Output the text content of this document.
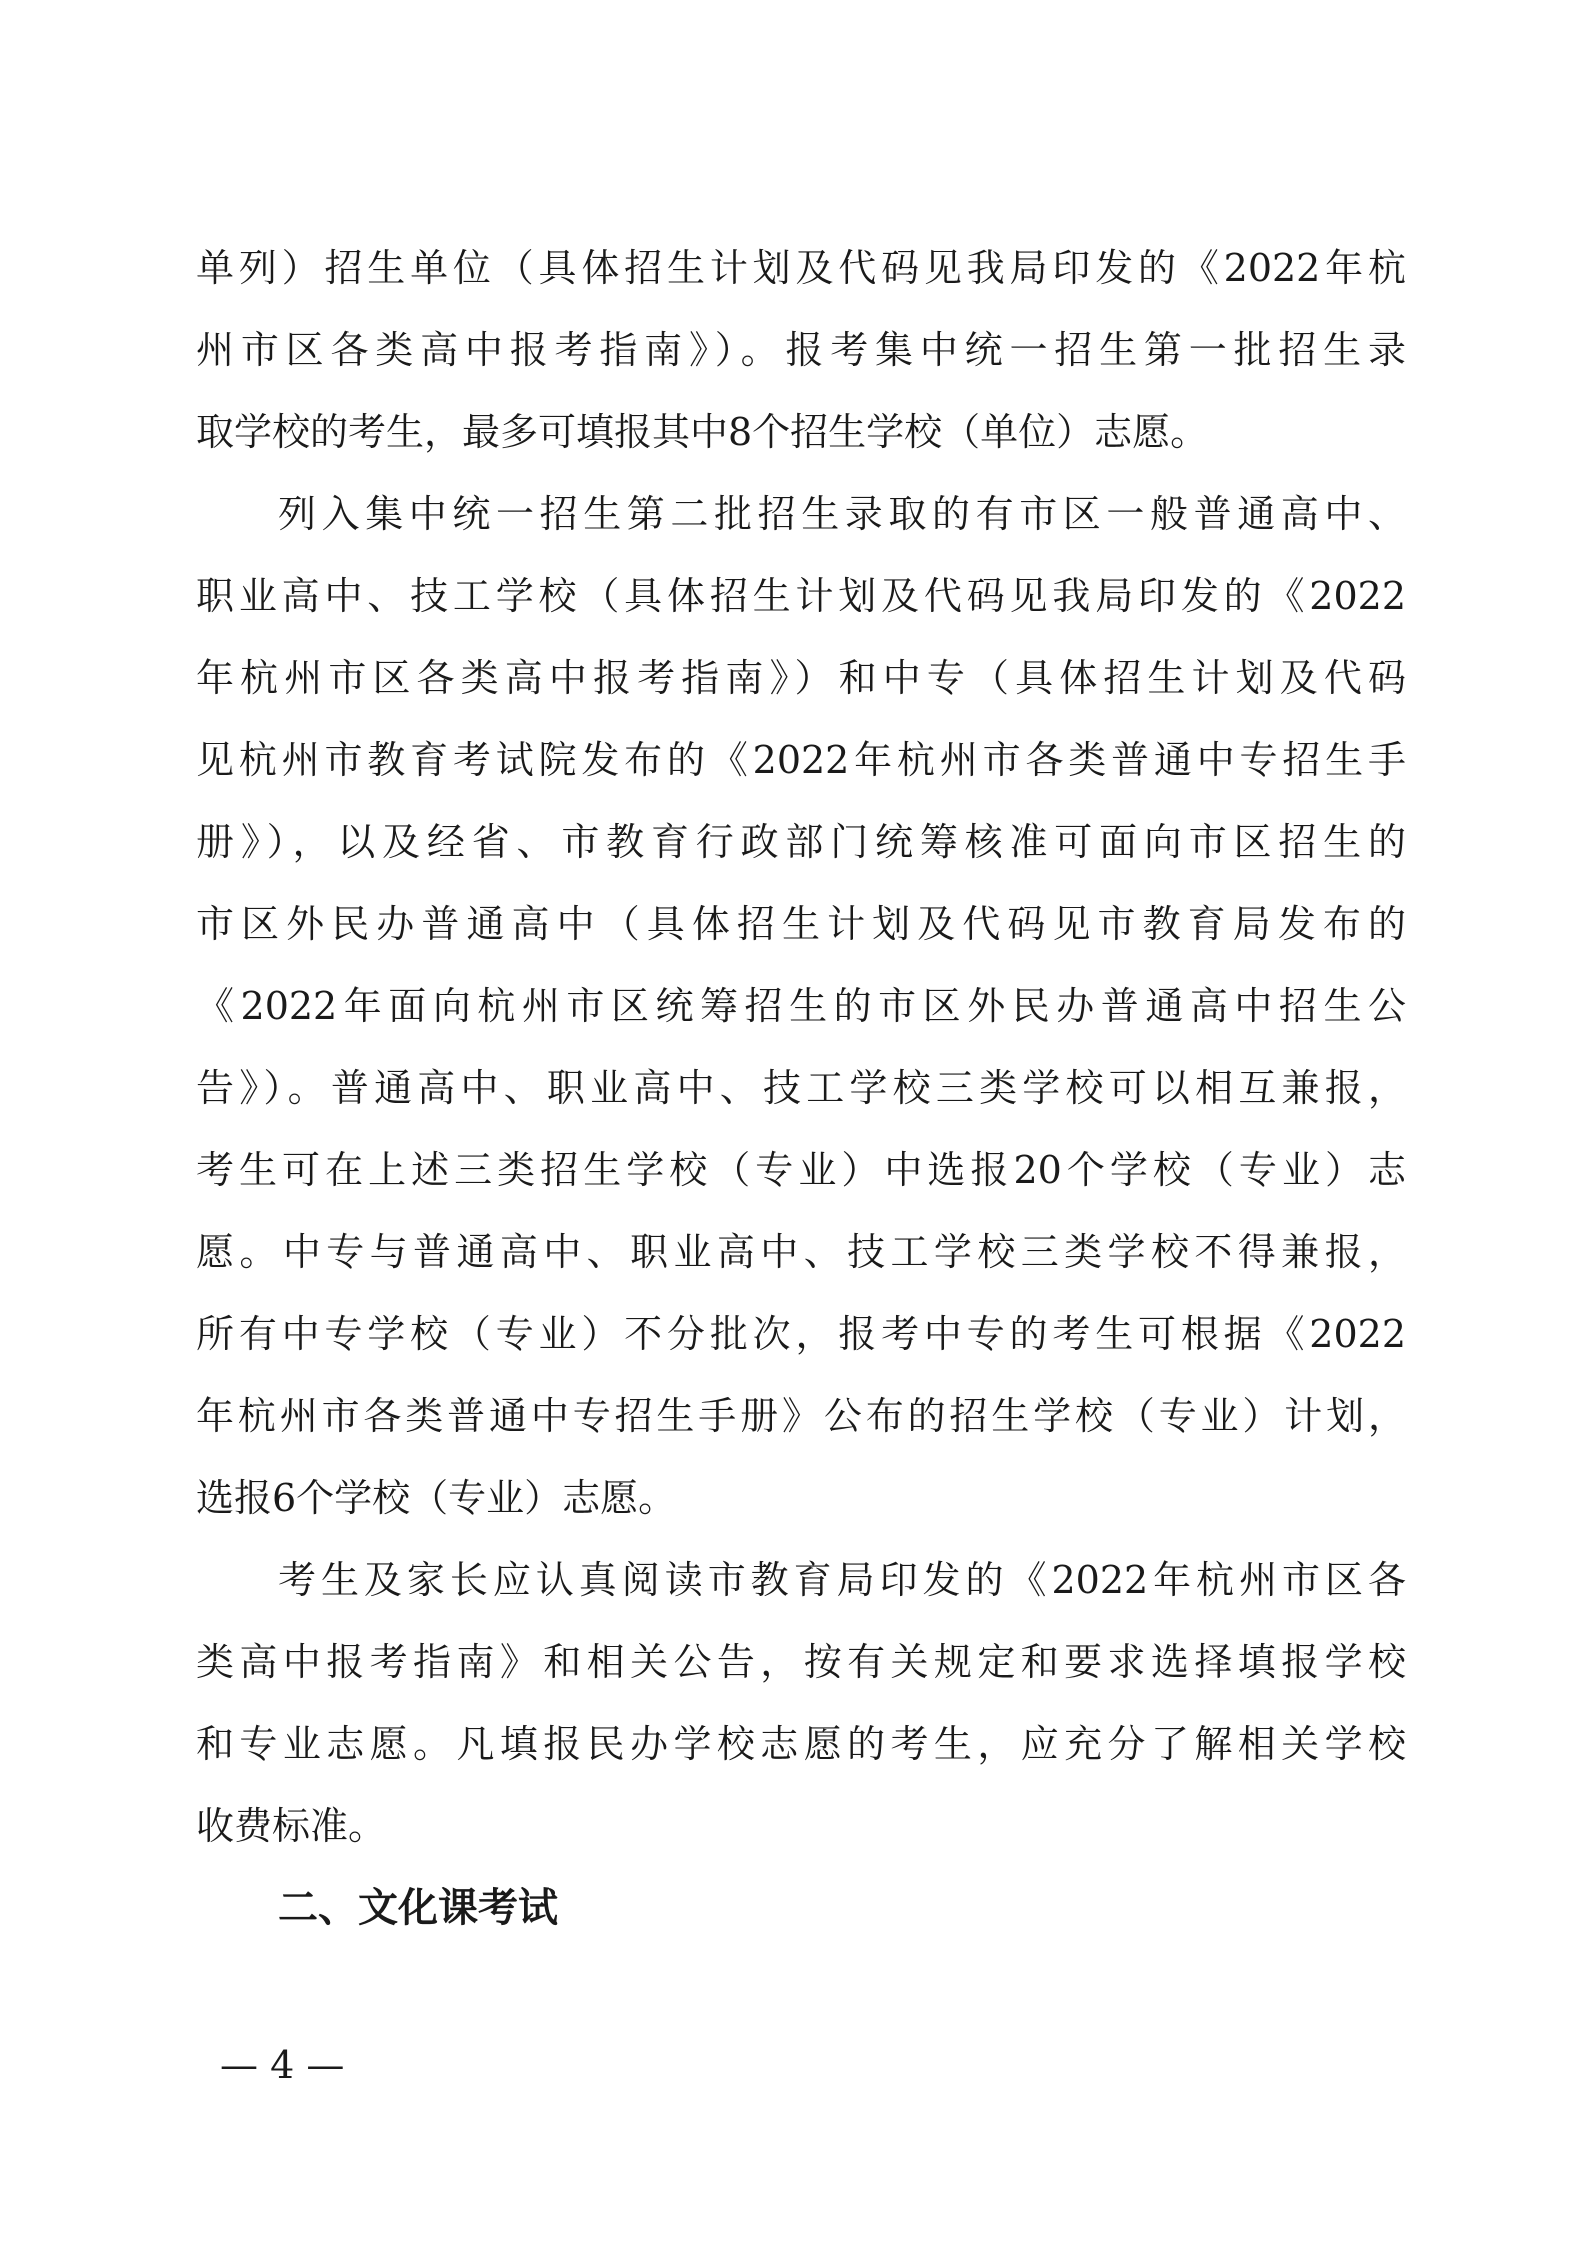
单列）招生单位（具体招生计划及代码见我局印发的《2022年杭
州市区各类高中报考指南》）。报考集中统一招生第一批招生录
取学校的考生，最多可填报其中8个招生学校（单位）志愿。
列入集中统一招生第二批招生录取的有市区一般普通高中、
职业高中、技工学校（具体招生计划及代码见我局印发的《2022
年杭州市区各类高中报考指南》）和中专（具体招生计划及代码
见杭州市教育考试院发布的《2022年杭州市各类普通中专招生手
册》），以及经省、市教育行政部门统筹核准可面向市区招生的
市区外民办普通高中（具体招生计划及代码见市教育局发布的
《2022年面向杭州市区统筹招生的市区外民办普通高中招生公
告》）。普通高中、职业高中、技工学校三类学校可以相互兼报，
考生可在上述三类招生学校（专业）中选报20个学校（专业）志
愿。中专与普通高中、职业高中、技工学校三类学校不得兼报，
所有中专学校（专业）不分批次，报考中专的考生可根据《2022
年杭州市各类普通中专招生手册》公布的招生学校（专业）计划，
选报6个学校（专业）志愿。
考生及家长应认真阅读市教育局印发的《2022年杭州市区各
类高中报考指南》和相关公告，按有关规定和要求选择填报学校
和专业志愿。凡填报民办学校志愿的考生，应充分了解相关学校
收费标准。
二、文化课考试
— 4 —
